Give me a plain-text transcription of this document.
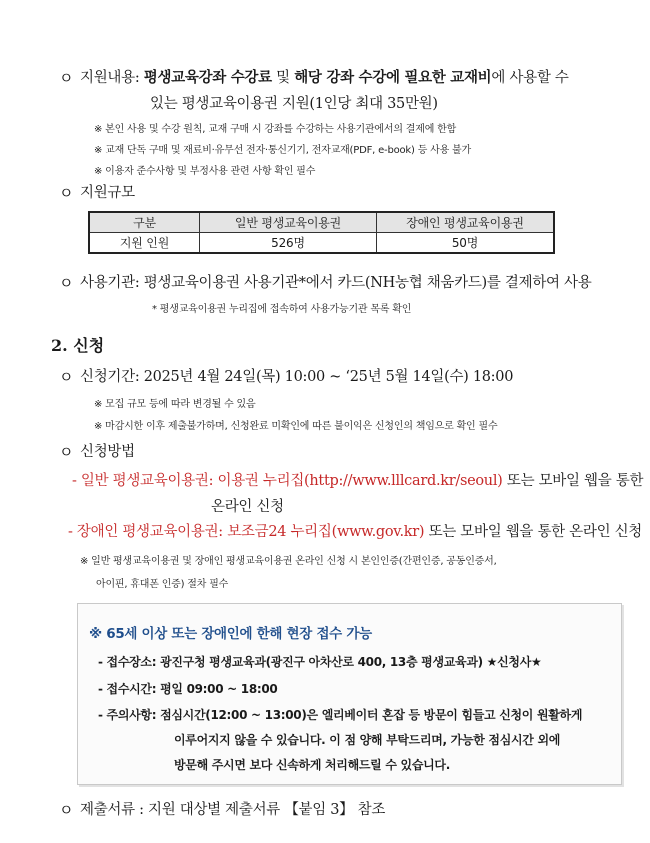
ㅇ 지원내용: 평생교육강좌 수강료 및 해당 강좌 수강에 필요한 교재비에 사용할 수
있는 평생교육이용권 지원(1인당 최대 35만원)
※ 본인 사용 및 수강 원칙, 교재 구매 시 강좌를 수강하는 사용기관에서의 결제에 한함
※ 교재 단독 구매 및 재료비·유무선 전자·통신기기, 전자교재(PDF, e-book) 등 사용 불가
※ 이용자 준수사항 및 부정사용 관련 사항 확인 필수
ㅇ 지원규모
구분	일반 평생교육이용권	장애인 평생교육이용권
지원 인원	526명	50명
ㅇ 사용기관: 평생교육이용권 사용기관*에서 카드(NH농협 채움카드)를 결제하여 사용
* 평생교육이용권 누리집에 접속하여 사용가능기관 목록 확인
2. 신청
ㅇ 신청기간: 2025년 4월 24일(목) 10:00 ~ ‘25년 5월 14일(수) 18:00
※ 모집 규모 등에 따라 변경될 수 있음
※ 마감시한 이후 제출불가하며, 신청완료 미확인에 따른 불이익은 신청인의 책임으로 확인 필수
ㅇ 신청방법
- 일반 평생교육이용권: 이용권 누리집(http://www.lllcard.kr/seoul) 또는 모바일 웹을 통한
온라인 신청
- 장애인 평생교육이용권: 보조금24 누리집(www.gov.kr) 또는 모바일 웹을 통한 온라인 신청
※ 일반 평생교육이용권 및 장애인 평생교육이용권 온라인 신청 시 본인인증(간편인증, 공동인증서,
아이핀, 휴대폰 인증) 절차 필수
※ 65세 이상 또는 장애인에 한해 현장 접수 가능
- 접수장소: 광진구청 평생교육과(광진구 아차산로 400, 13층 평생교육과) ★신청사★
- 접수시간: 평일 09:00 ~ 18:00
- 주의사항: 점심시간(12:00 ~ 13:00)은 엘리베이터 혼잡 등 방문이 힘들고 신청이 원활하게
이루어지지 않을 수 있습니다. 이 점 양해 부탁드리며, 가능한 점심시간 외에
방문해 주시면 보다 신속하게 처리해드릴 수 있습니다.
ㅇ 제출서류 : 지원 대상별 제출서류 【붙임 3】 참조
